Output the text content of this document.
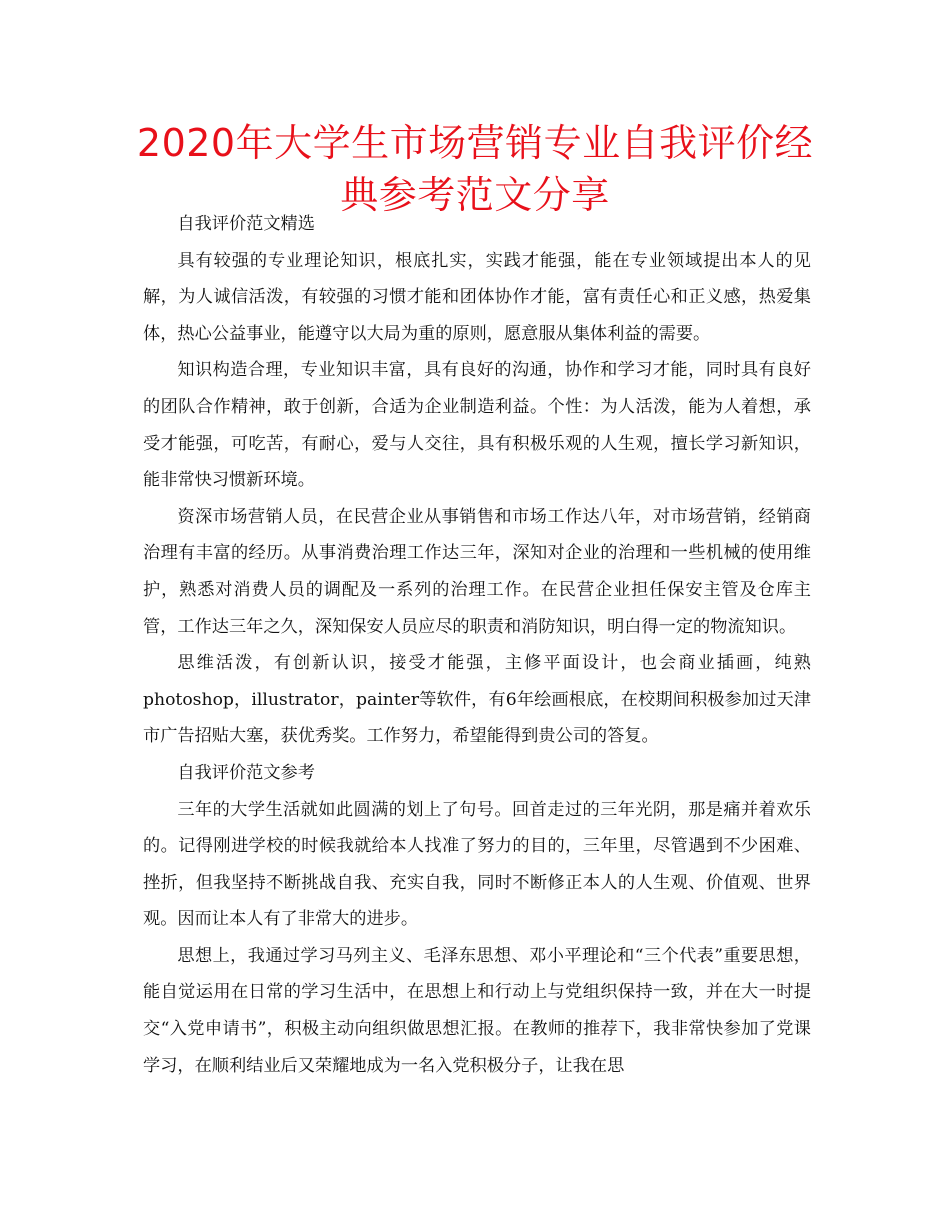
2020年大学生市场营销专业自我评价经典参考范文分享

自我评价范文精选

具有较强的专业理论知识，根底扎实，实践才能强，能在专业领域提出本人的见解，为人诚信活泼，有较强的习惯才能和团体协作才能，富有责任心和正义感，热爱集体，热心公益事业，能遵守以大局为重的原则，愿意服从集体利益的需要。

知识构造合理，专业知识丰富，具有良好的沟通，协作和学习才能，同时具有良好的团队合作精神，敢于创新，合适为企业制造利益。个性：为人活泼，能为人着想，承受才能强，可吃苦，有耐心，爱与人交往，具有积极乐观的人生观，擅长学习新知识，能非常快习惯新环境。

资深市场营销人员，在民营企业从事销售和市场工作达八年，对市场营销，经销商治理有丰富的经历。从事消费治理工作达三年，深知对企业的治理和一些机械的使用维护，熟悉对消费人员的调配及一系列的治理工作。在民营企业担任保安主管及仓库主管，工作达三年之久，深知保安人员应尽的职责和消防知识，明白得一定的物流知识。

思维活泼，有创新认识，接受才能强，主修平面设计，也会商业插画，纯熟photoshop，illustrator，painter等软件，有6年绘画根底，在校期间积极参加过天津市广告招贴大塞，获优秀奖。工作努力，希望能得到贵公司的答复。

自我评价范文参考

三年的大学生活就如此圆满的划上了句号。回首走过的三年光阴，那是痛并着欢乐的。记得刚进学校的时候我就给本人找准了努力的目的，三年里，尽管遇到不少困难、挫折，但我坚持不断挑战自我、充实自我，同时不断修正本人的人生观、价值观、世界观。因而让本人有了非常大的进步。

思想上，我通过学习马列主义、毛泽东思想、邓小平理论和“三个代表”重要思想，能自觉运用在日常的学习生活中，在思想上和行动上与党组织保持一致，并在大一时提交“入党申请书”，积极主动向组织做思想汇报。在教师的推荐下，我非常快参加了党课学习，在顺利结业后又荣耀地成为一名入党积极分子，让我在思
